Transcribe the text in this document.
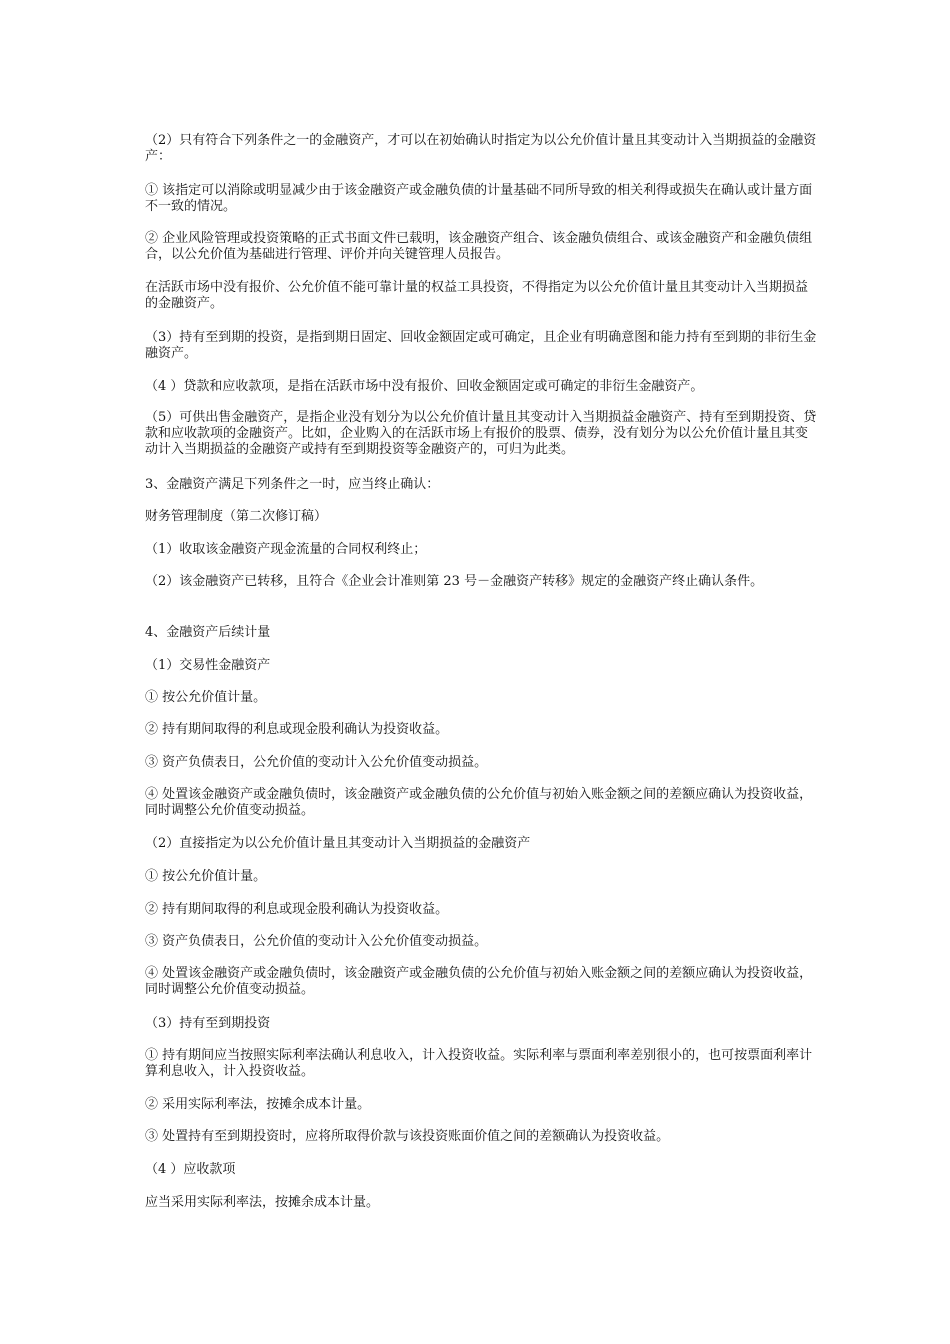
（2）只有符合下列条件之一的金融资产，才可以在初始确认时指定为以公允价值计量且其变动计入当期损益的金融资产：

① 该指定可以消除或明显减少由于该金融资产或金融负债的计量基础不同所导致的相关利得或损失在确认或计量方面不一致的情况。

② 企业风险管理或投资策略的正式书面文件已载明，该金融资产组合、该金融负债组合、或该金融资产和金融负债组合，以公允价值为基础进行管理、评价并向关键管理人员报告。

在活跃市场中没有报价、公允价值不能可靠计量的权益工具投资，不得指定为以公允价值计量且其变动计入当期损益的金融资产。

（3）持有至到期的投资，是指到期日固定、回收金额固定或可确定，且企业有明确意图和能力持有至到期的非衍生金融资产。

（4 ）贷款和应收款项，是指在活跃市场中没有报价、回收金额固定或可确定的非衍生金融资产。

（5）可供出售金融资产，是指企业没有划分为以公允价值计量且其变动计入当期损益金融资产、持有至到期投资、贷款和应收款项的金融资产。比如，企业购入的在活跃市场上有报价的股票、债券，没有划分为以公允价值计量且其变动计入当期损益的金融资产或持有至到期投资等金融资产的，可归为此类。

3、金融资产满足下列条件之一时，应当终止确认：

财务管理制度（第二次修订稿）

（1）收取该金融资产现金流量的合同权利终止；

（2）该金融资产已转移，且符合《企业会计准则第 23 号－金融资产转移》规定的金融资产终止确认条件。

4、金融资产后续计量

（1）交易性金融资产

① 按公允价值计量。

② 持有期间取得的利息或现金股利确认为投资收益。

③ 资产负债表日，公允价值的变动计入公允价值变动损益。

④ 处置该金融资产或金融负债时，该金融资产或金融负债的公允价值与初始入账金额之间的差额应确认为投资收益，同时调整公允价值变动损益。

（2）直接指定为以公允价值计量且其变动计入当期损益的金融资产

① 按公允价值计量。

② 持有期间取得的利息或现金股利确认为投资收益。

③ 资产负债表日，公允价值的变动计入公允价值变动损益。

④ 处置该金融资产或金融负债时，该金融资产或金融负债的公允价值与初始入账金额之间的差额应确认为投资收益，同时调整公允价值变动损益。

（3）持有至到期投资

① 持有期间应当按照实际利率法确认利息收入，计入投资收益。实际利率与票面利率差别很小的，也可按票面利率计算利息收入，计入投资收益。

② 采用实际利率法，按摊余成本计量。

③ 处置持有至到期投资时，应将所取得价款与该投资账面价值之间的差额确认为投资收益。

（4 ）应收款项

应当采用实际利率法，按摊余成本计量。
